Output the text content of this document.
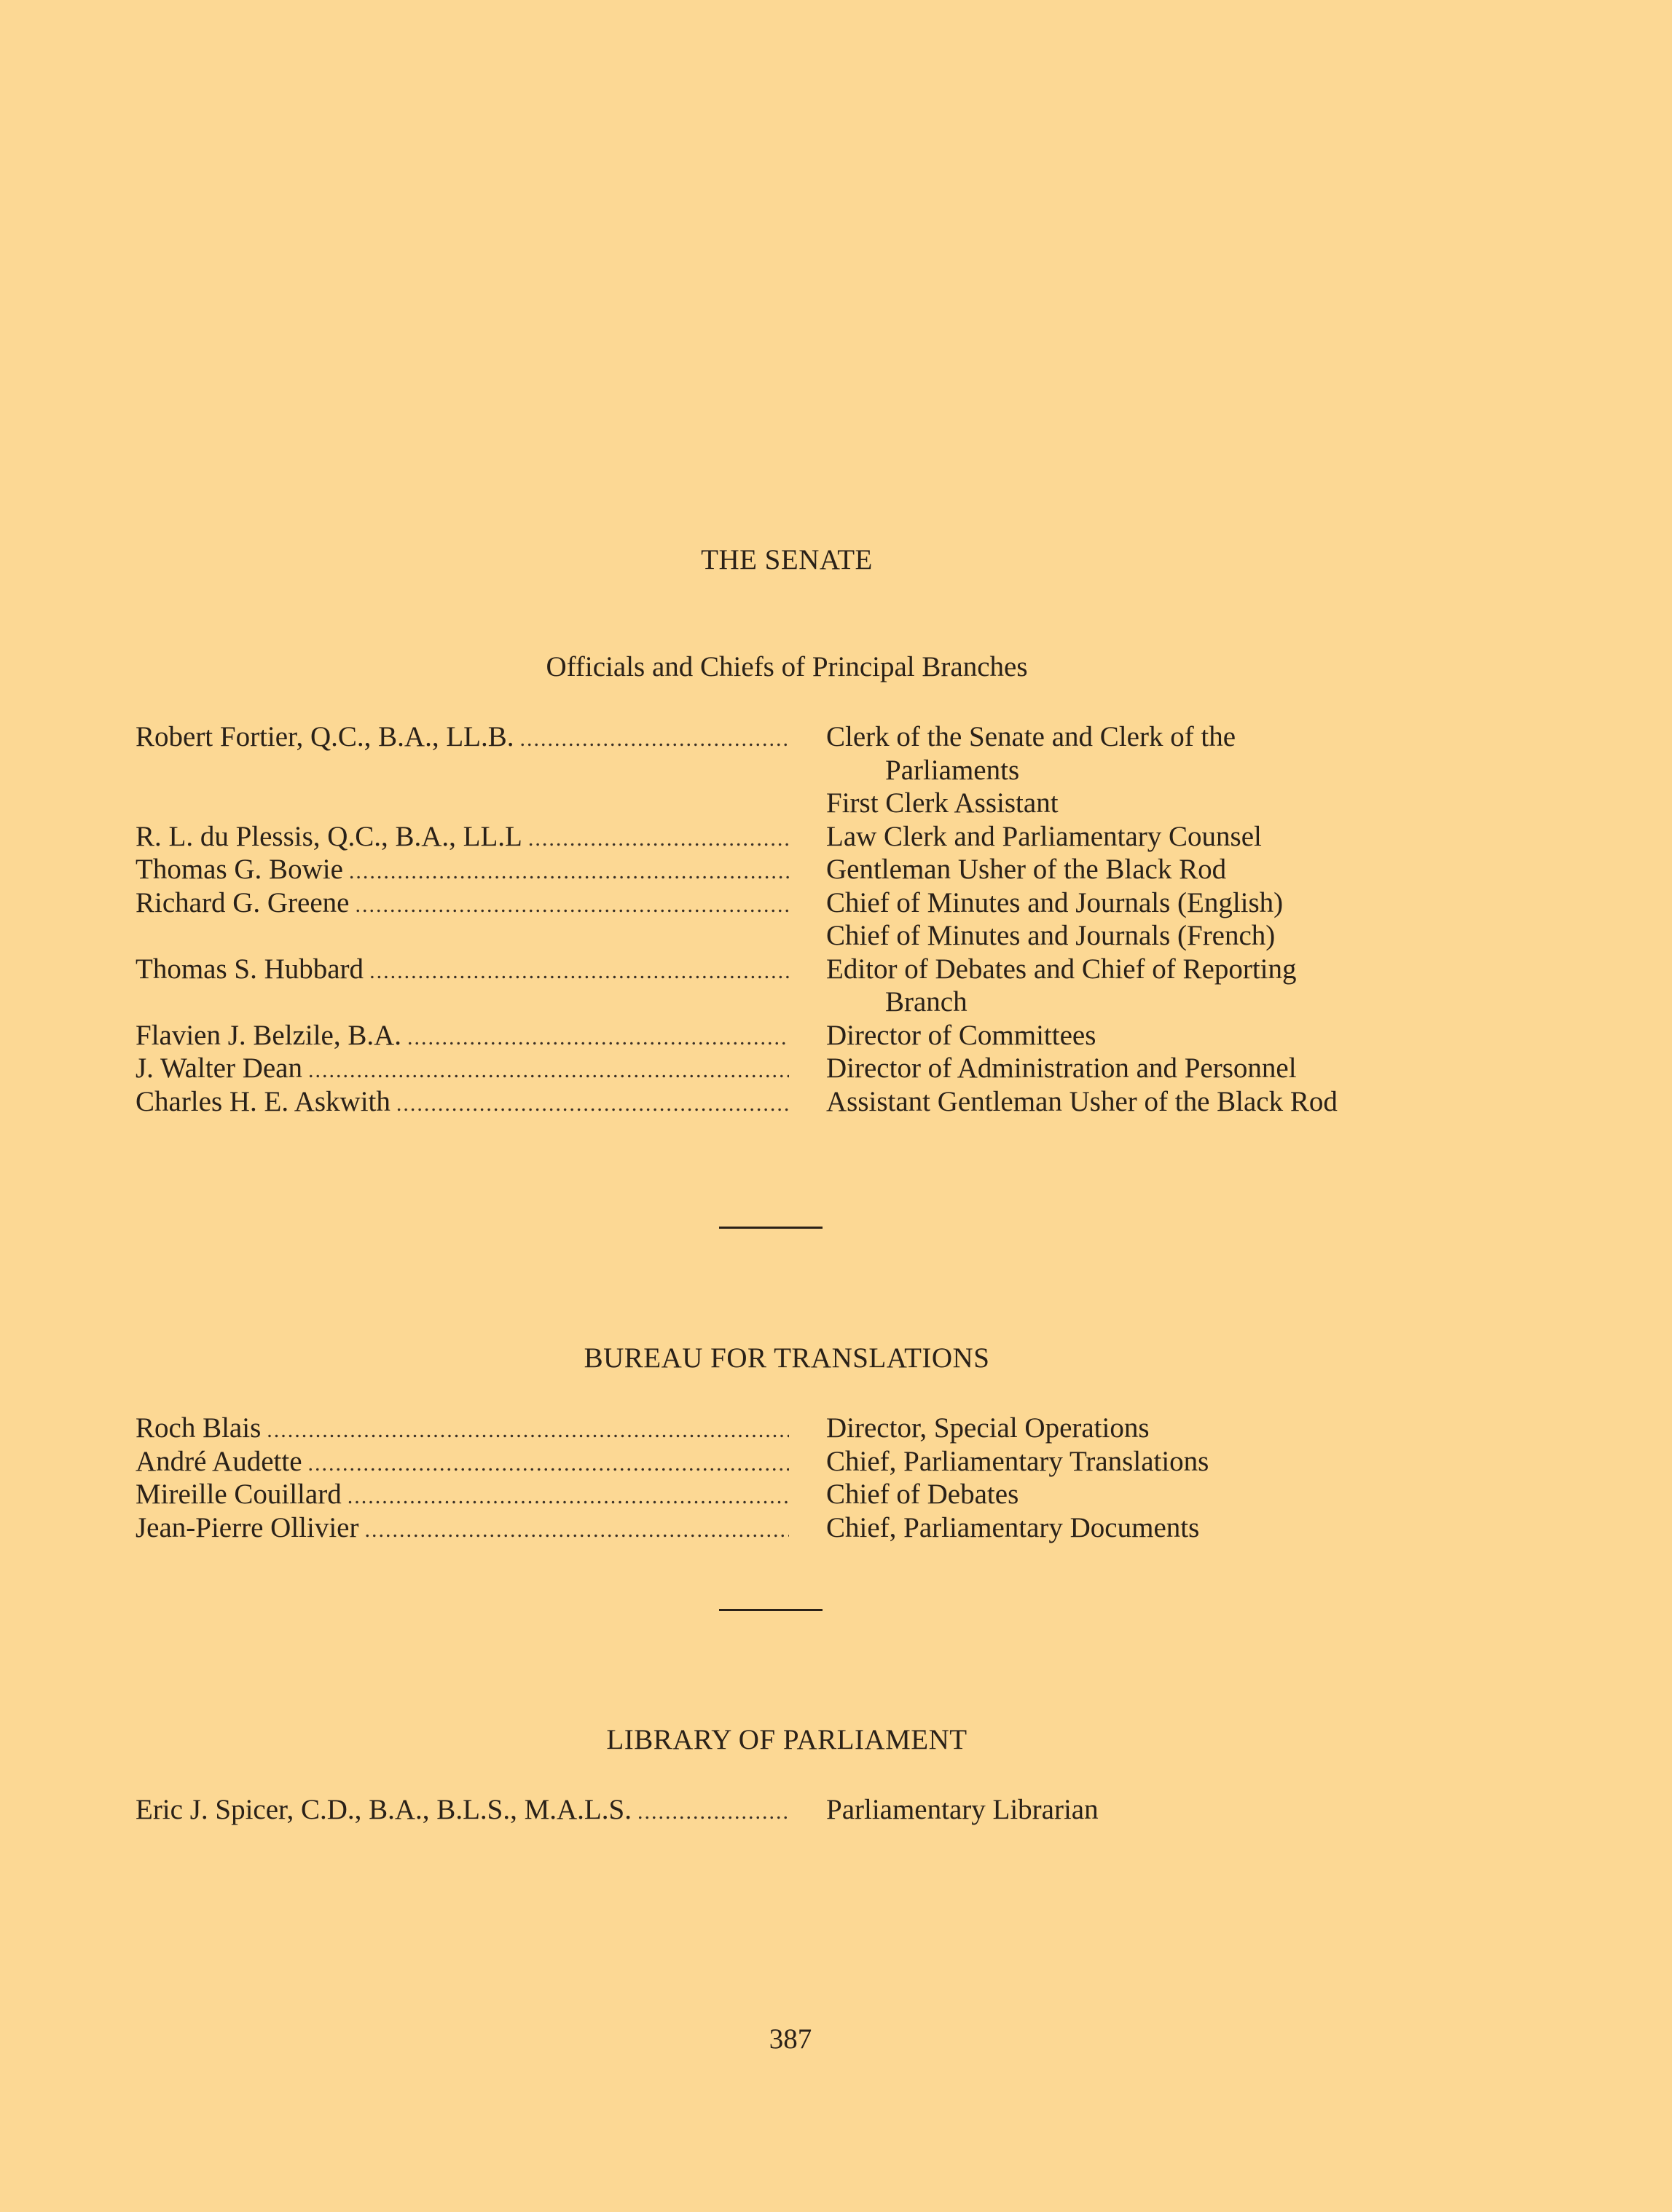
THE SENATE
Officials and Chiefs of Principal Branches
Robert Fortier, Q.C., B.A., LL.B. .....	Clerk of the Senate and Clerk of the
Parliaments
First Clerk Assistant
R. L. du Plessis, Q.C., B.A., LL.L .....	Law Clerk and Parliamentary Counsel
Thomas G. Bowie .....	Gentleman Usher of the Black Rod
Richard G. Greene .....	Chief of Minutes and Journals (English)
Chief of Minutes and Journals (French)
Thomas S. Hubbard .....	Editor of Debates and Chief of Reporting
Branch
Flavien J. Belzile, B.A. .....	Director of Committees
J. Walter Dean .....	Director of Administration and Personnel
Charles H. E. Askwith .....	Assistant Gentleman Usher of the Black Rod
BUREAU FOR TRANSLATIONS
Roch Blais .....	Director, Special Operations
André Audette .....	Chief, Parliamentary Translations
Mireille Couillard .....	Chief of Debates
Jean-Pierre Ollivier .....	Chief, Parliamentary Documents
LIBRARY OF PARLIAMENT
Eric J. Spicer, C.D., B.A., B.L.S., M.A.L.S. .....	Parliamentary Librarian
387
